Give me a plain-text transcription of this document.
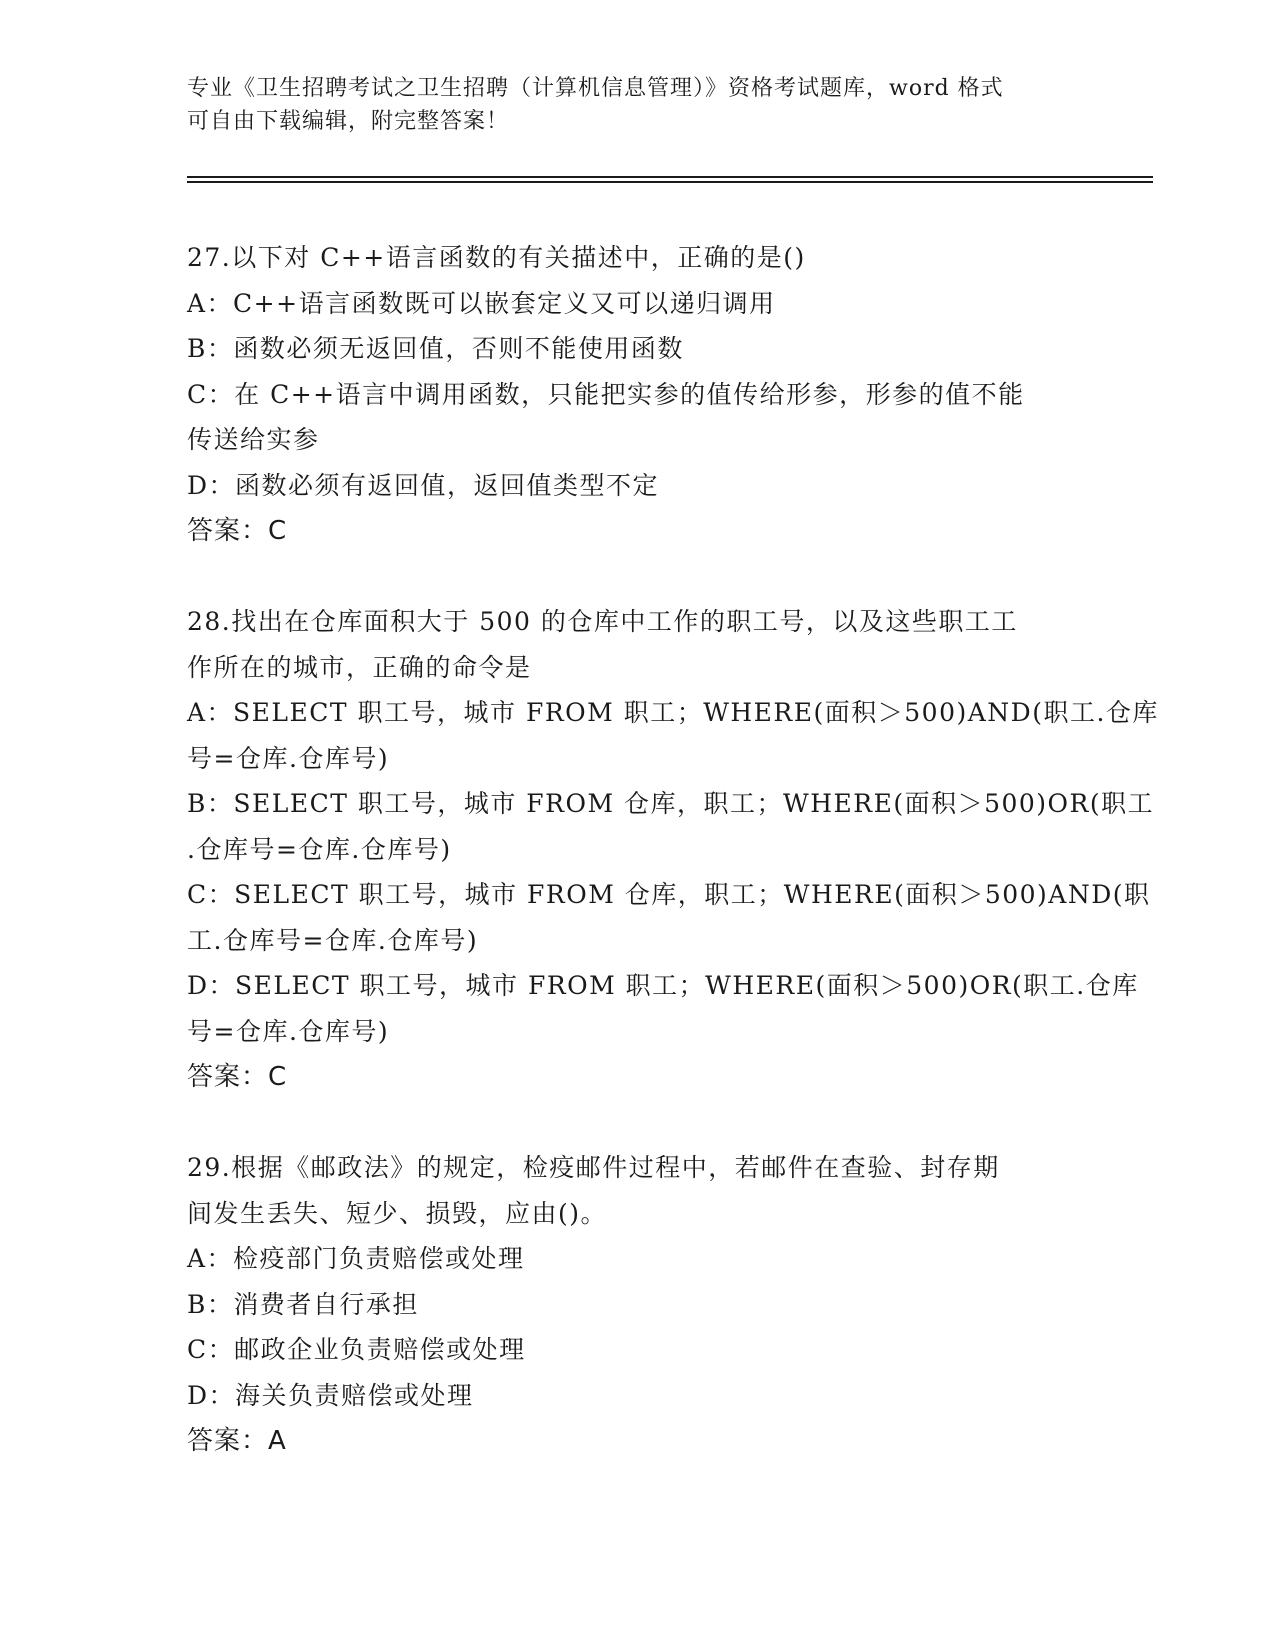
专业《卫生招聘考试之卫生招聘（计算机信息管理）》资格考试题库，word 格式
可自由下载编辑，附完整答案！
27.以下对 C++语言函数的有关描述中，正确的是()
A：C++语言函数既可以嵌套定义又可以递归调用
B：函数必须无返回值，否则不能使用函数
C：在 C++语言中调用函数，只能把实参的值传给形参，形参的值不能
传送给实参
D：函数必须有返回值，返回值类型不定
答案：C
28.找出在仓库面积大于 500 的仓库中工作的职工号，以及这些职工工
作所在的城市，正确的命令是
A：SELECT 职工号，城市 FROM 职工；WHERE(面积＞500)AND(职工.仓库
号=仓库.仓库号)
B：SELECT 职工号，城市 FROM 仓库，职工；WHERE(面积＞500)OR(职工
.仓库号=仓库.仓库号)
C：SELECT 职工号，城市 FROM 仓库，职工；WHERE(面积＞500)AND(职
工.仓库号=仓库.仓库号)
D：SELECT 职工号，城市 FROM 职工；WHERE(面积＞500)OR(职工.仓库
号=仓库.仓库号)
答案：C
29.根据《邮政法》的规定，检疫邮件过程中，若邮件在查验、封存期
间发生丢失、短少、损毁，应由()。
A：检疫部门负责赔偿或处理
B：消费者自行承担
C：邮政企业负责赔偿或处理
D：海关负责赔偿或处理
答案：A
